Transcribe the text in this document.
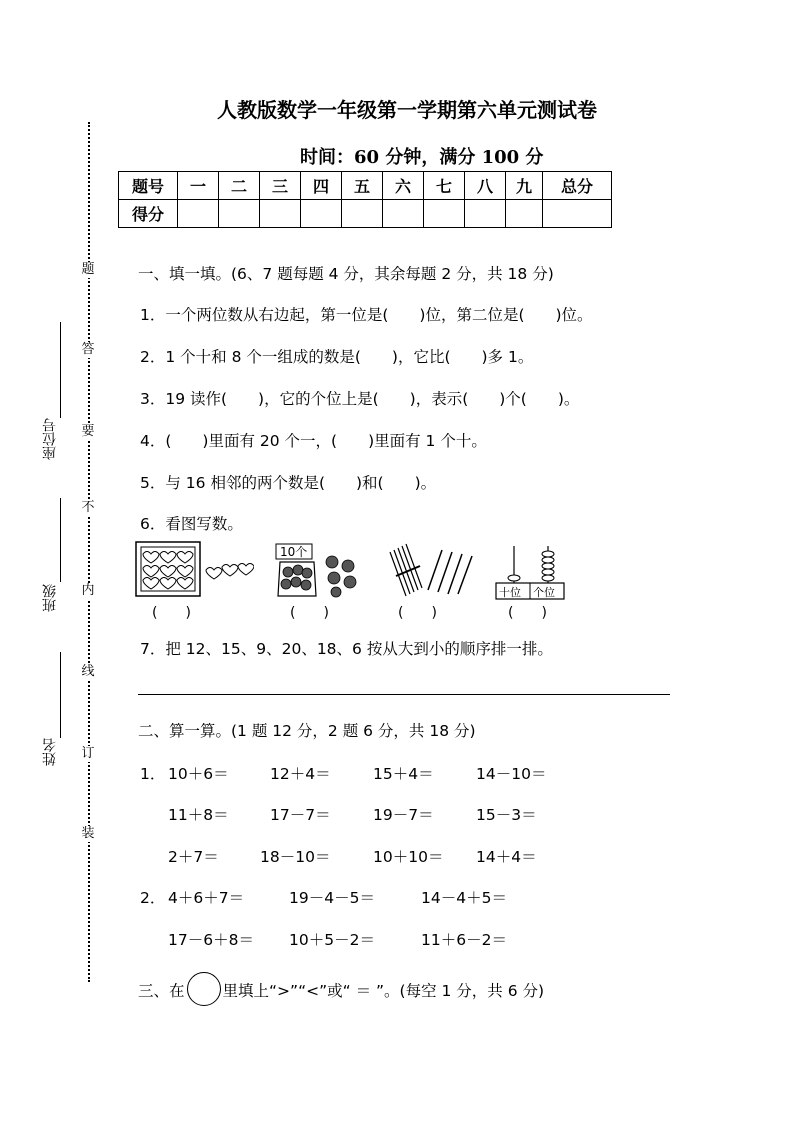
人教版数学一年级第一学期第六单元测试卷
时间：60 分钟，满分 100 分
题号	一	二	三	四	五	六	七	八	九	总分
得分										
题
答
要
不
内
线
订
装
座位号
班级
姓名
一、填一填。(6、7 题每题 4 分，其余每题 2 分，共 18 分)
1．一个两位数从右边起，第一位是(　　)位，第二位是(　　)位。
2．1 个十和 8 个一组成的数是(　　)，它比(　　)多 1。
3．19 读作(　　)，它的个位上是(　　)，表示(　　)个(　　)。
4．(　　)里面有 20 个一，(　　)里面有 1 个十。
5．与 16 相邻的两个数是(　　)和(　　)。
6．看图写数。
(　　)
10个
(　　)	(　　)
十位 个位
(　　)
7．把 12、15、9、20、18、6 按从大到小的顺序排一排。
二、算一算。(1 题 12 分，2 题 6 分，共 18 分)
1． 10＋6＝	12＋4＝	15＋4＝	14－10＝
11＋8＝	17－7＝	19－7＝	15－3＝
2＋7＝	18－10＝	10＋10＝ 14＋4＝
2． 4＋6＋7＝	19－4－5＝	14－4＋5＝
17－6＋8＝ 10＋5－2＝	11＋6－2＝
三、在 里填上“>”“<”或“ ＝ ”。(每空 1 分，共 6 分)
